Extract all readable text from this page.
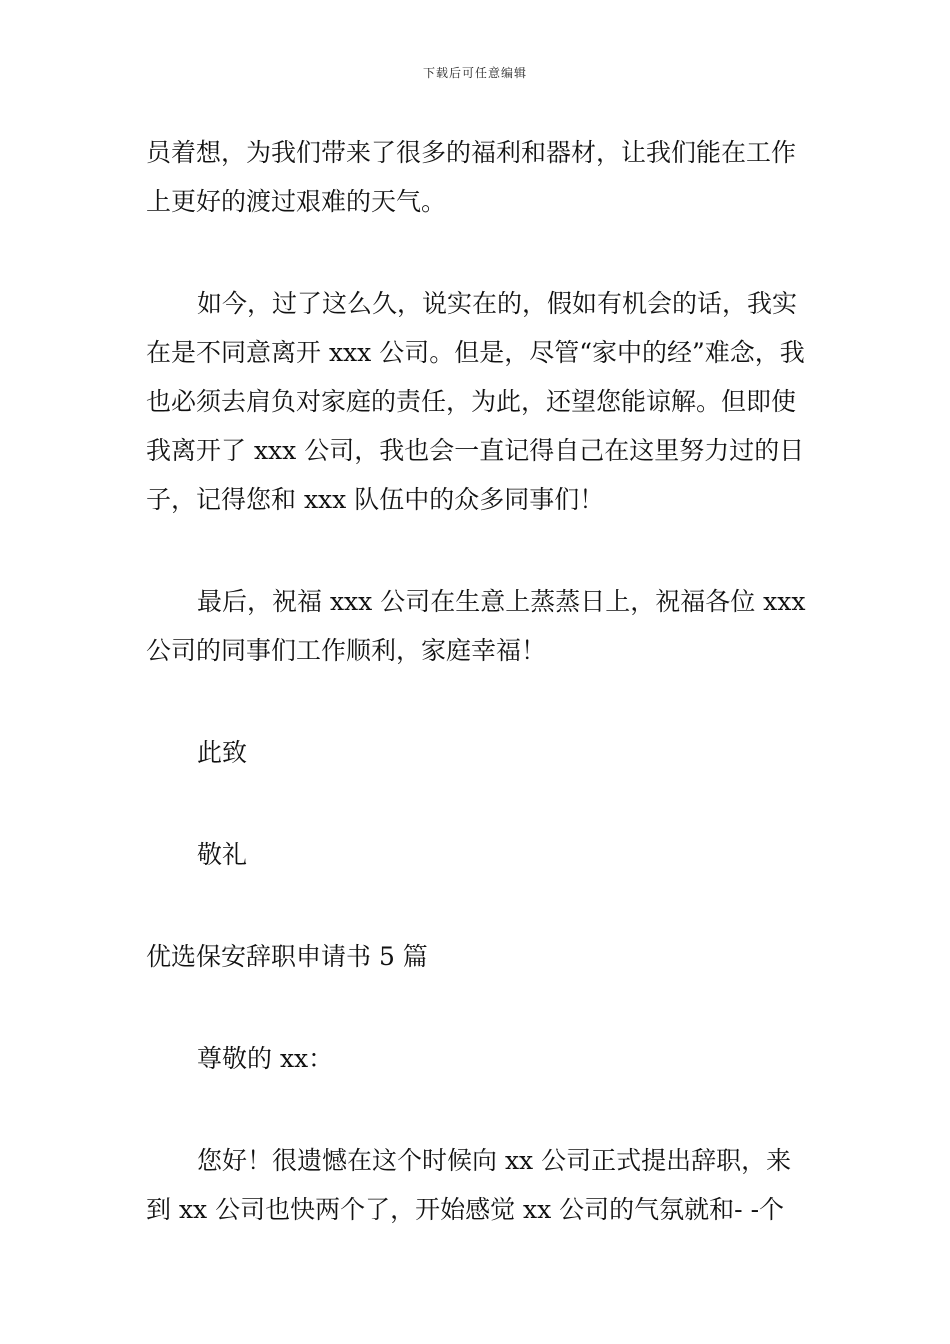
下载后可任意编辑

员着想，为我们带来了很多的福利和器材，让我们能在工作上更好的渡过艰难的天气。

如今，过了这么久，说实在的，假如有机会的话，我实在是不同意离开 xxx 公司。但是，尽管“家中的经”难念，我也必须去肩负对家庭的责任，为此，还望您能谅解。但即使我离开了 xxx 公司，我也会一直记得自己在这里努力过的日子，记得您和 xxx 队伍中的众多同事们！

最后，祝福 xxx 公司在生意上蒸蒸日上，祝福各位 xxx 公司的同事们工作顺利，家庭幸福！

此致

敬礼

优选保安辞职申请书 5 篇

尊敬的 xx：

您好！很遗憾在这个时候向 xx 公司正式提出辞职，来到 xx 公司也快两个了，开始感觉 xx 公司的气氛就和- -个
